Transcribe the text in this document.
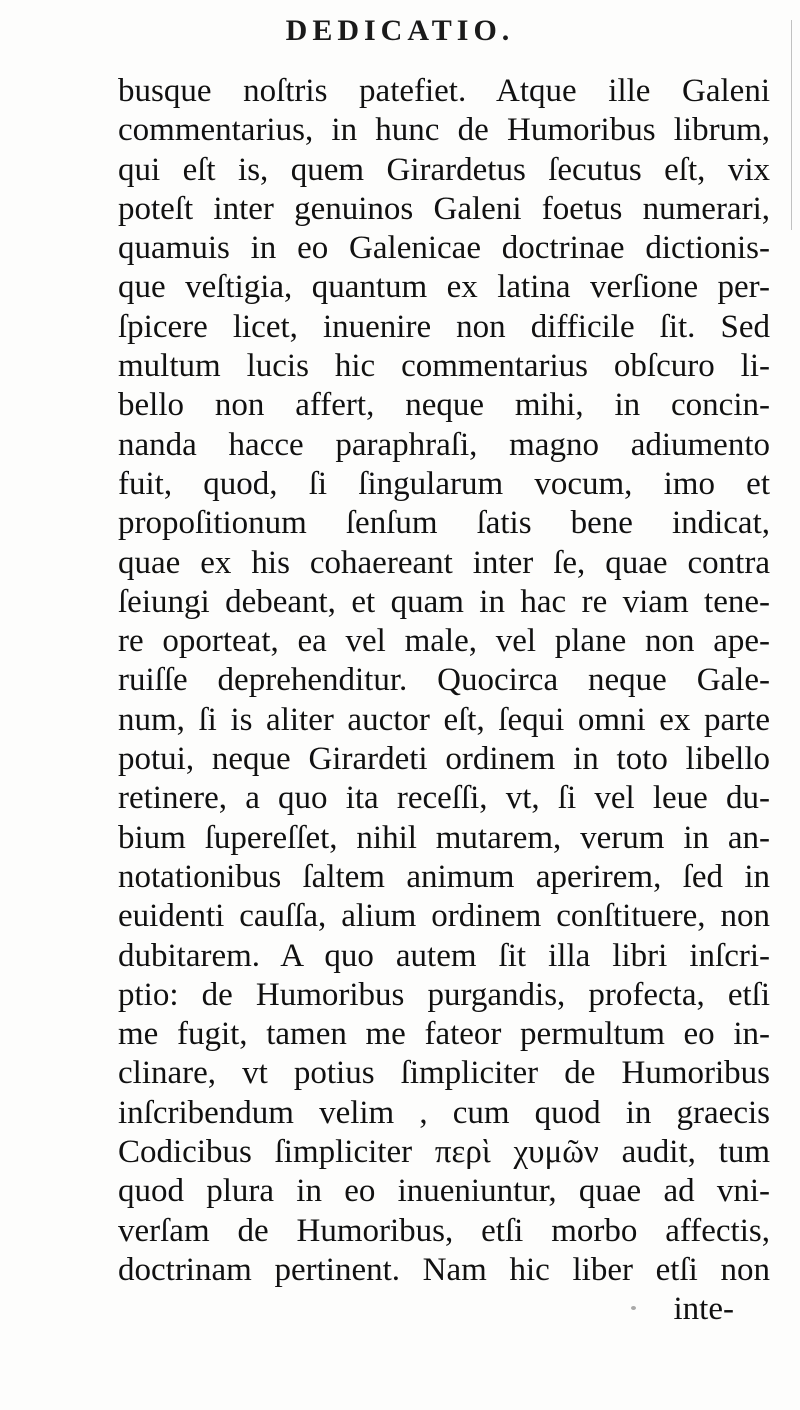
DEDICATIO.
busque noſtris patefiet. Atque ille Galeni
commentarius, in hunc de Humoribus librum,
qui eſt is, quem Girardetus ſecutus eſt, vix
poteſt inter genuinos Galeni foetus numerari,
quamuis in eo Galenicae doctrinae dictionis-
que veſtigia, quantum ex latina verſione per-
ſpicere licet, inuenire non difficile ſit. Sed
multum lucis hic commentarius obſcuro li-
bello non affert, neque mihi, in concin-
nanda hacce paraphraſi, magno adiumento
fuit, quod, ſi ſingularum vocum, imo et
propoſitionum ſenſum ſatis bene indicat,
quae ex his cohaereant inter ſe, quae contra
ſeiungi debeant, et quam in hac re viam tene-
re oporteat, ea vel male, vel plane non ape-
ruiſſe deprehenditur. Quocirca neque Gale-
num, ſi is aliter auctor eſt, ſequi omni ex parte
potui, neque Girardeti ordinem in toto libello
retinere, a quo ita receſſi, vt, ſi vel leue du-
bium ſupereſſet, nihil mutarem, verum in an-
notationibus ſaltem animum aperirem, ſed in
euidenti cauſſa, alium ordinem conſtituere, non
dubitarem. A quo autem ſit illa libri inſcri-
ptio: de Humoribus purgandis, profecta, etſi
me fugit, tamen me fateor permultum eo in-
clinare, vt potius ſimpliciter de Humoribus
inſcribendum velim , cum quod in graecis
Codicibus ſimpliciter περὶ χυμῶν audit, tum
quod plura in eo inueniuntur, quae ad vni-
verſam de Humoribus, etſi morbo affectis,
doctrinam pertinent. Nam hic liber etſi non
inte-
